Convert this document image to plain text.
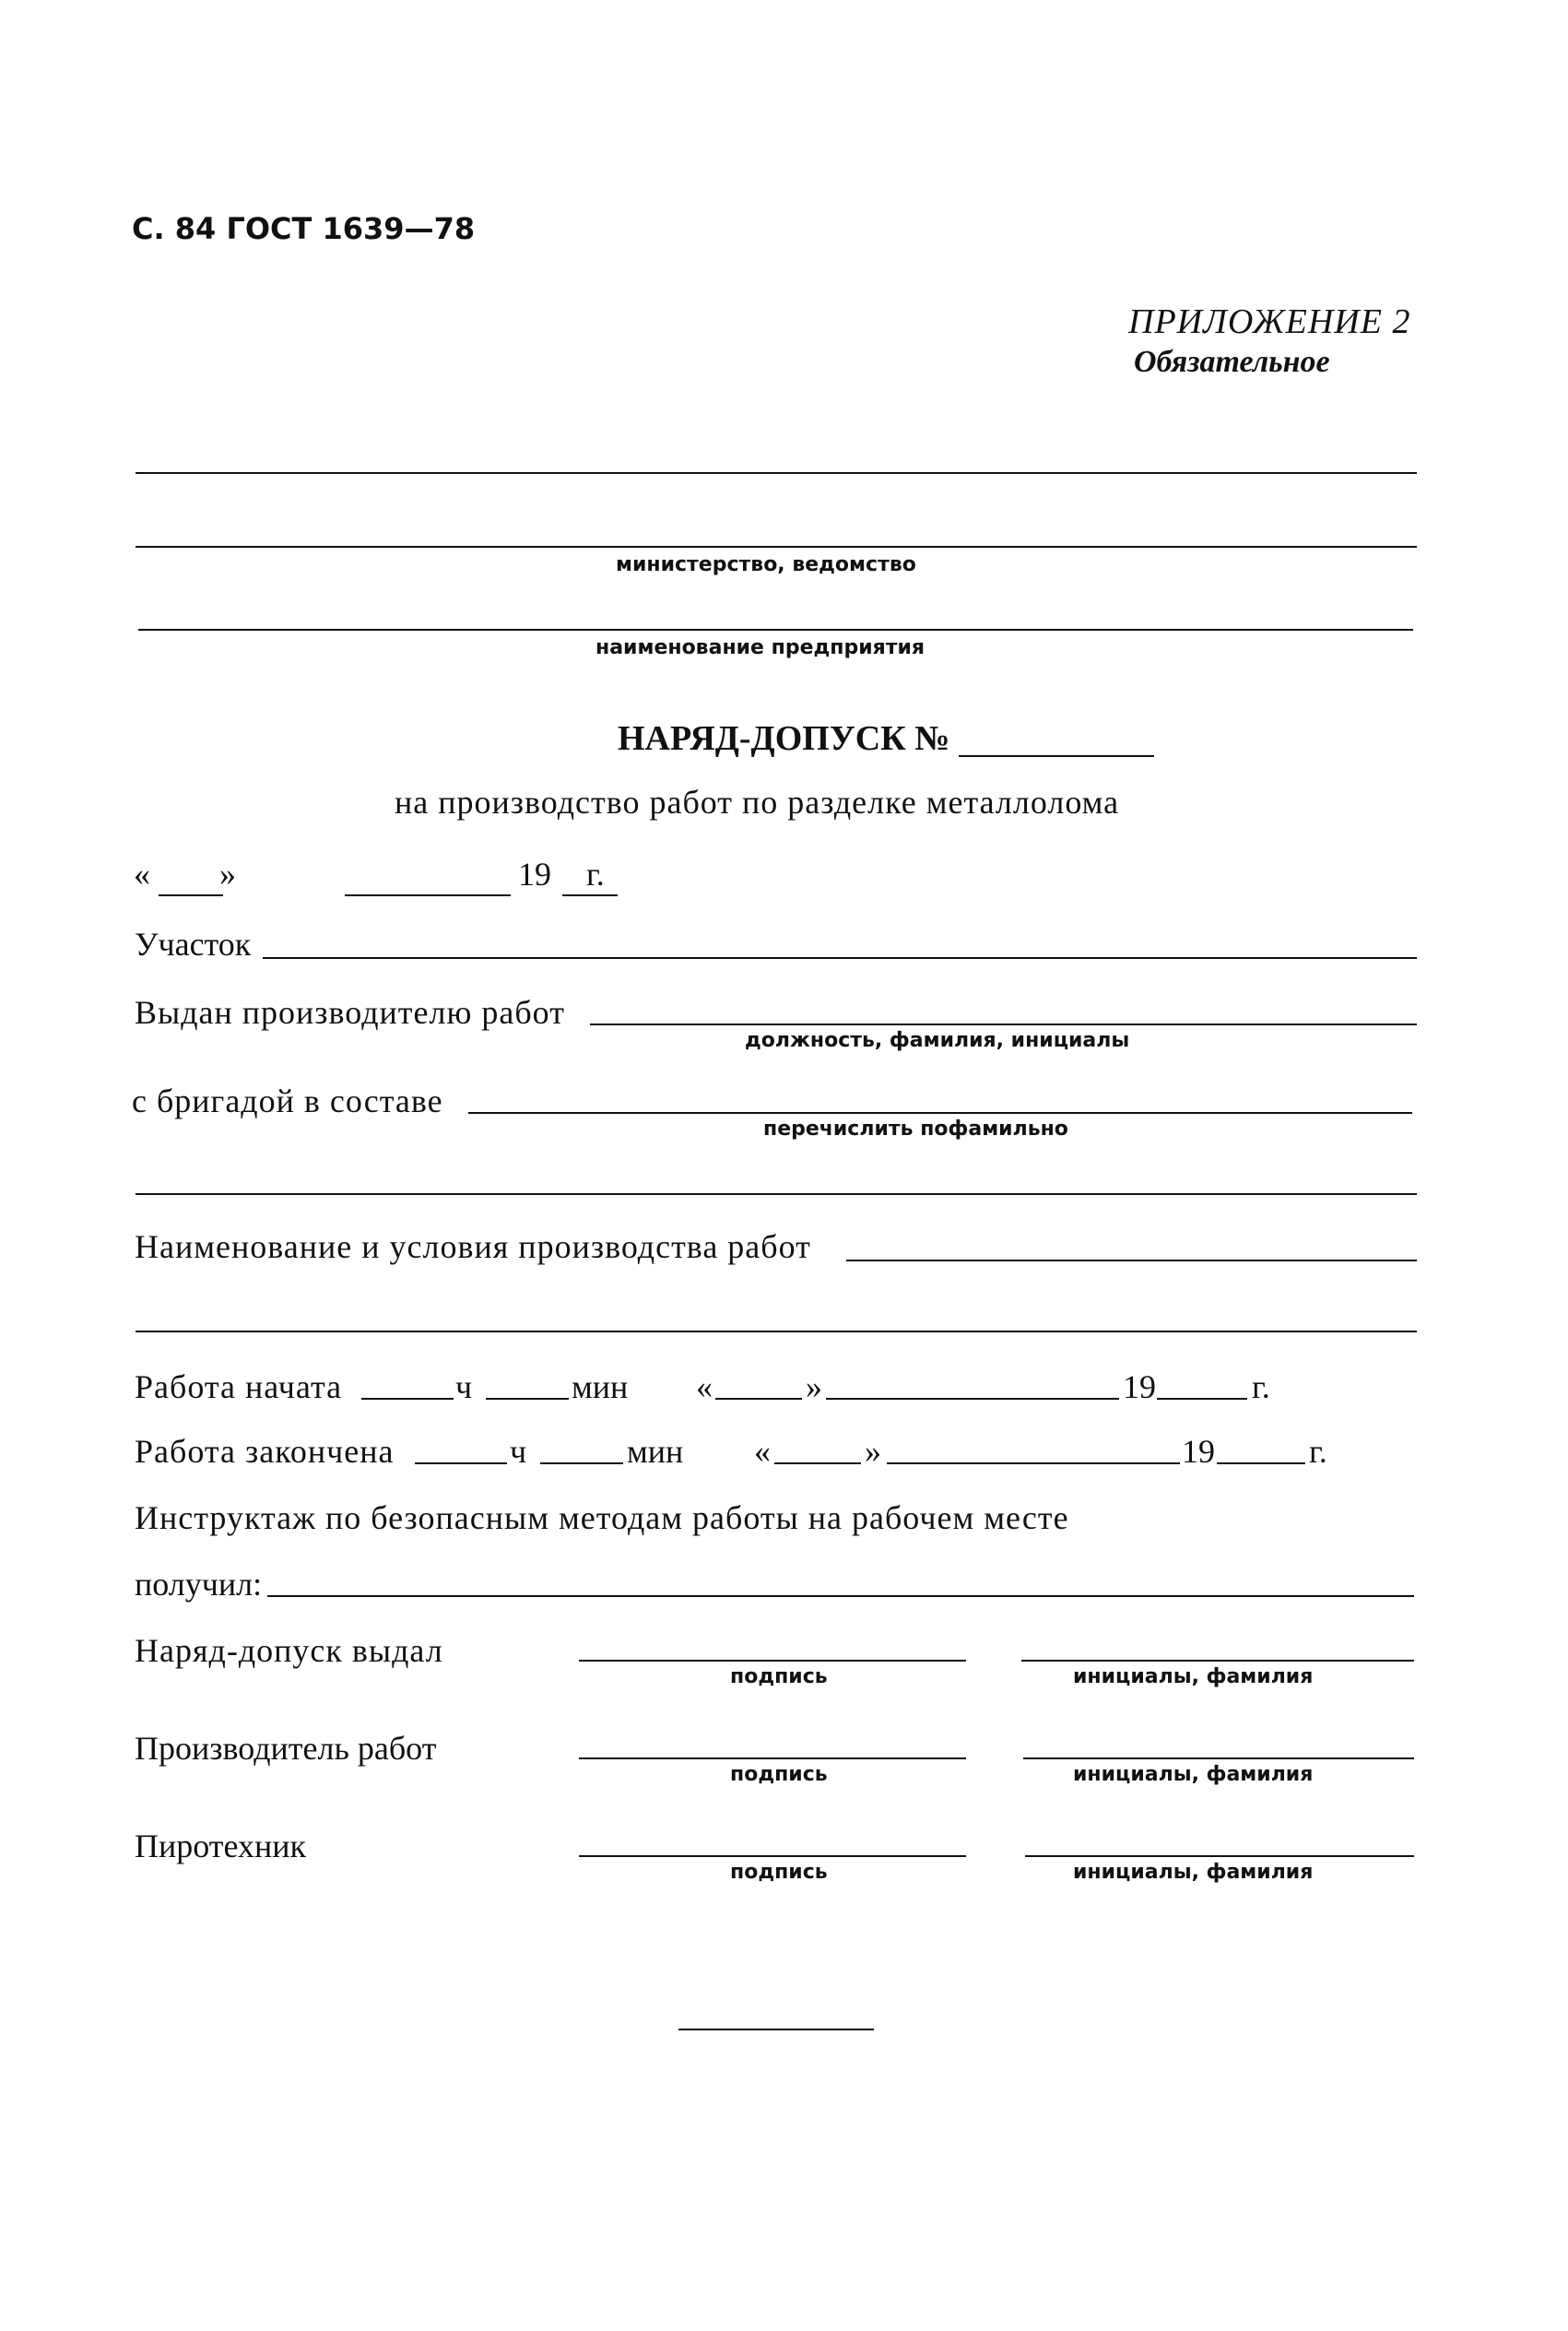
С. 84 ГОСТ 1639—78
ПРИЛОЖЕНИЕ 2
Обязательное
министерство, ведомство
наименование предприятия
НАРЯД-ДОПУСК №
на производство работ по разделке металлолома
« »	19 г.
Участок
Выдан производителю работ
должность, фамилия, инициалы
с бригадой в составе
перечислить пофамильно
Наименование и условия производства работ
Работа начата	ч	мин «	»	19	г.
Работа закончена	ч	мин «	»	19	г.
Инструктаж по безопасным методам работы на рабочем месте
получил:
Наряд-допуск выдал
подпись	инициалы, фамилия
Производитель работ
подпись	инициалы, фамилия
Пиротехник
подпись	инициалы, фамилия
